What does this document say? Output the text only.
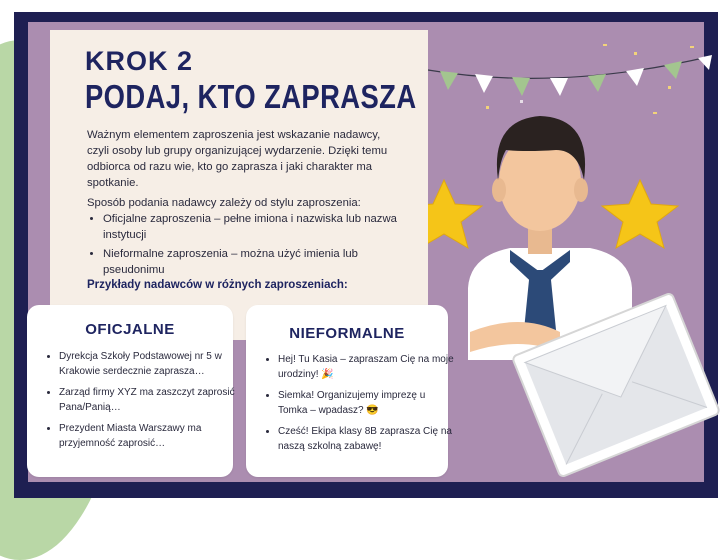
KROK 2
PODAJ, KTO ZAPRASZA
Ważnym elementem zaproszenia jest wskazanie nadawcy, czyli osoby lub grupy organizującej wydarzenie. Dzięki temu odbiorca od razu wie, kto go zaprasza i jaki charakter ma spotkanie.
Sposób podania nadawcy zależy od stylu zaproszenia:
• Oficjalne zaproszenia – pełne imiona i nazwiska lub nazwa instytucji
• Nieformalne zaproszenia – można użyć imienia lub pseudonimu
Przykłady nadawców w różnych zaproszeniach:
OFICJALNE
• Dyrekcja Szkoły Podstawowej nr 5 w Krakowie serdecznie zaprasza…
• Zarząd firmy XYZ ma zaszczyt zaprosić Pana/Panią…
• Prezydent Miasta Warszawy ma przyjemność zaprosić…
NIEFORMALNE
• Hej! Tu Kasia – zapraszam Cię na moje urodziny! 🎉
• Siemka! Organizujemy imprezę u Tomka – wpadasz? 😎
• Cześć! Ekipa klasy 8B zaprasza Cię na naszą szkolną zabawę!
